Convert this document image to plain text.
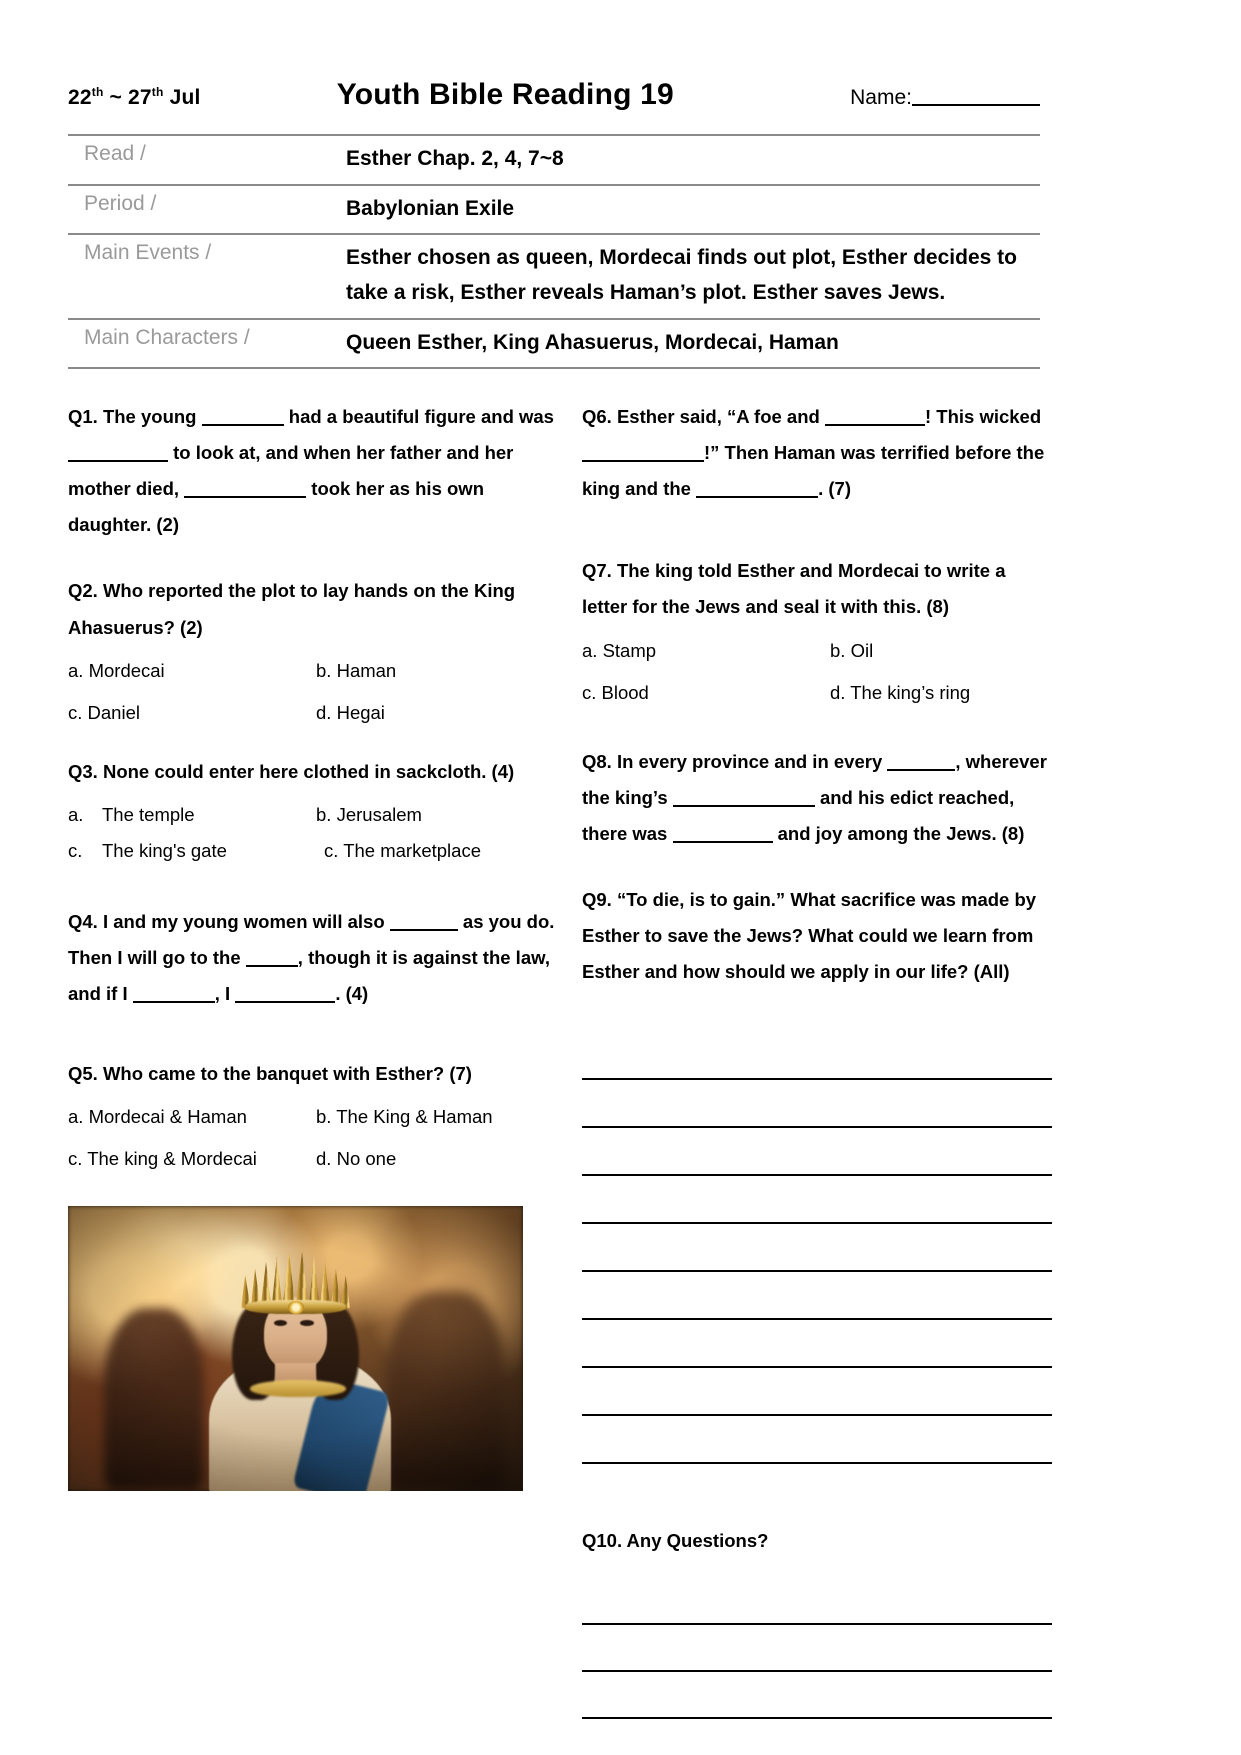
22th ~ 27th Jul	Youth Bible Reading 19	Name:
Read /	Esther Chap. 2, 4, 7~8
Period /	Babylonian Exile
Main Events /	Esther chosen as queen, Mordecai finds out plot, Esther decides to take a risk, Esther reveals Haman’s plot. Esther saves Jews.
Main Characters /	Queen Esther, King Ahasuerus, Mordecai, Haman
Q1. The young	had a beautiful figure and was  to look at, and when her father and her mother died,	took her as his own daughter. (2)
Q2. Who reported the plot to lay hands on the King Ahasuerus? (2)
a. Mordecai	b. Haman
c. Daniel	d. Hegai
Q3. None could enter here clothed in sackcloth. (4)
a. The temple	b. Jerusalem
c. The king's gate	c. The marketplace
Q4. I and my young women will also	as you do. Then I will go to the	, though it is against the law, and if I	, I	. (4)
Q5. Who came to the banquet with Esther? (7)
a. Mordecai & Haman	b. The King & Haman
c. The king & Mordecai	d. No one
Q6. Esther said, “A foe and	! This wicked !” Then Haman was terrified before the king and the	. (7)
Q7. The king told Esther and Mordecai to write a letter for the Jews and seal it with this. (8)
a. Stamp	b. Oil
c. Blood	d. The king’s ring
Q8. In every province and in every	, wherever the king’s	and his edict reached, there was	and joy among the Jews. (8)
Q9. “To die, is to gain.” What sacrifice was made by Esther to save the Jews? What could we learn from Esther and how should we apply in our life? (All)
Q10. Any Questions?
